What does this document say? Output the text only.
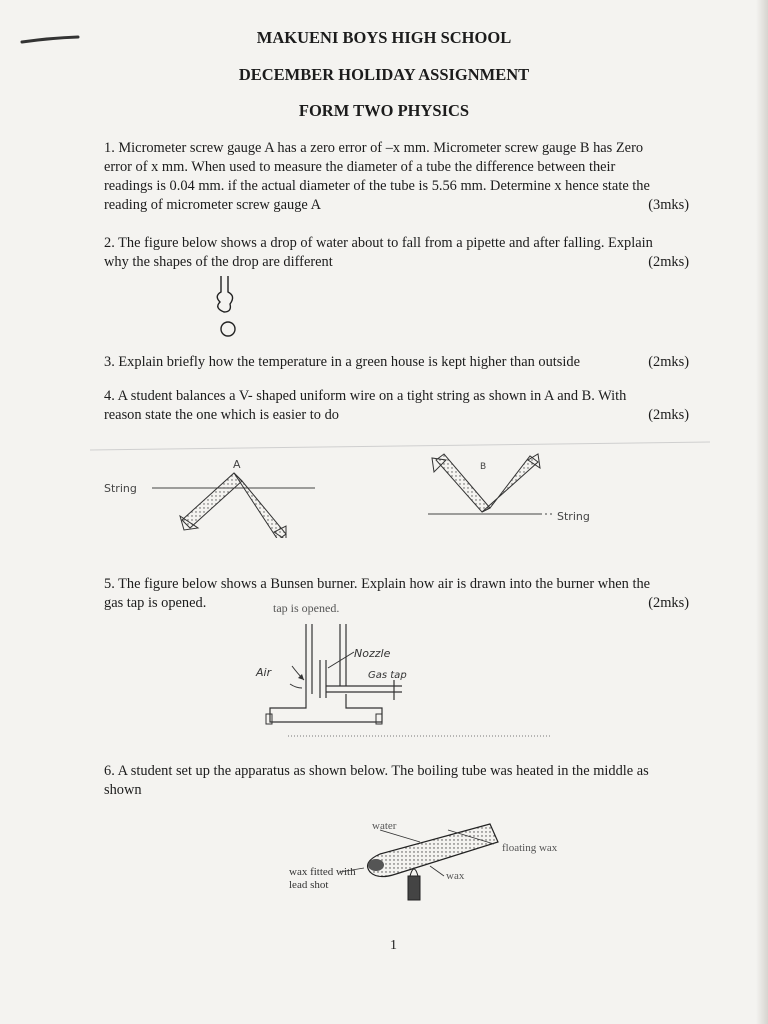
MAKUENI BOYS HIGH SCHOOL
DECEMBER HOLIDAY ASSIGNMENT
FORM TWO PHYSICS

1. Micrometer screw gauge A has a zero error of –x mm. Micrometer screw gauge B has Zero

error of x mm. When used to measure the diameter of a tube the difference between their

readings is 0.04 mm. if the actual diameter of the tube is 5.56 mm. Determine x hence state the

reading of micrometer screw gauge A	(3mks)

2. The figure below shows a drop of water about to fall from a pipette and after falling. Explain

why the shapes of the drop are different	(2mks)

3. Explain briefly how the temperature in a green house is kept higher than outside	(2mks)

4. A student balances a V- shaped uniform wire on a tight string as shown in A and B. With

reason state the one which is easier to do	(2mks)

A	B
String
String

5. The figure below shows a Bunsen burner. Explain how air is drawn into the burner when the

gas tap is opened.	(2mks)

tap is opened.
Air
Nozzle
Gas tap

6. A student set up the apparatus as shown below. The boiling tube was heated in the middle as

shown

water
floating wax
wax fitted with
lead shot
wax
1
